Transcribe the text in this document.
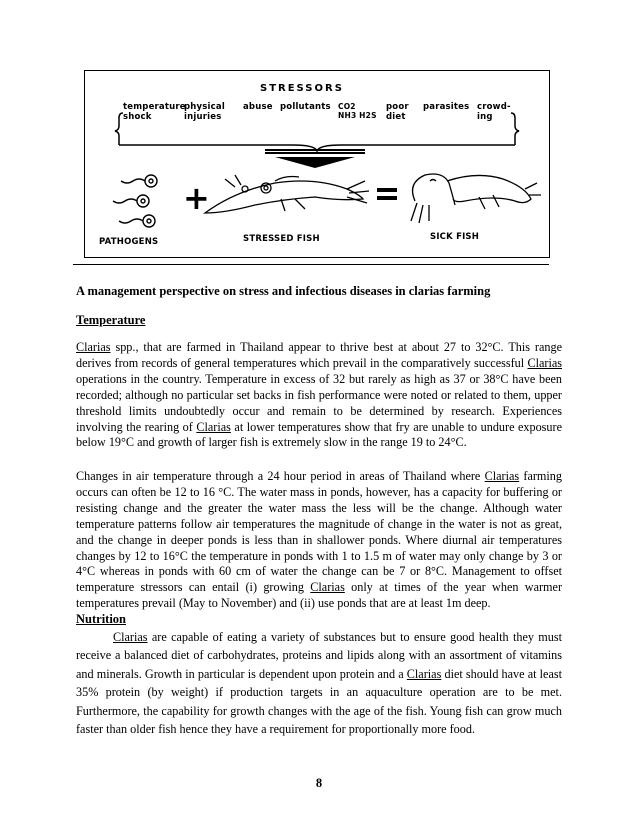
STRESSORS
temperature
shock
physical
injuries
abuse pollutants CO2
NH3 H2S
poor
diet
parasites crowd-
ing
+
PATHOGENS	STRESSED FISH	SICK FISH
A management perspective on stress and infectious diseases in clarias farming
Temperature

Clarias spp., that are farmed in Thailand appear to thrive best at about 27 to 32°C. This range derives from records of general temperatures which prevail in the comparatively successful Clarias operations in the country. Temperature in excess of 32 but rarely as high as 37 or 38°C have been recorded; although no particular set backs in fish performance were noted or related to them, upper threshold limits undoubtedly occur and remain to be determined by research. Experiences involving the rearing of Clarias at lower temperatures show that fry are unable to undure exposure below 19°C and growth of larger fish is extremely slow in the range 19 to 24°C.

Changes in air temperature through a 24 hour period in areas of Thailand where Clarias farming occurs can often be 12 to 16 °C. The water mass in ponds, however, has a capacity for buffering or resisting change and the greater the water mass the less will be the change. Although water temperature patterns follow air temperatures the magnitude of change in the water is not as great, and the change in deeper ponds is less than in shallower ponds. Where diurnal air temperatures changes by 12 to 16°C the temperature in ponds with 1 to 1.5 m of water may only change by 3 or 4°C whereas in ponds with 60 cm of water the change can be 7 or 8°C. Management to offset temperature stressors can entail (i) growing Clarias only at times of the year when warmer temperatures prevail (May to November) and (ii) use ponds that are at least 1m deep.

Nutrition

Clarias are capable of eating a variety of substances but to ensure good health they must receive a balanced diet of carbohydrates, proteins and lipids along with an assortment of vitamins and minerals. Growth in particular is dependent upon protein and a Clarias diet should have at least 35% protein (by weight) if production targets in an aquaculture operation are to be met. Furthermore, the capability for growth changes with the age of the fish. Young fish can grow much faster than older fish hence they have a requirement for proportionally more food.

8
